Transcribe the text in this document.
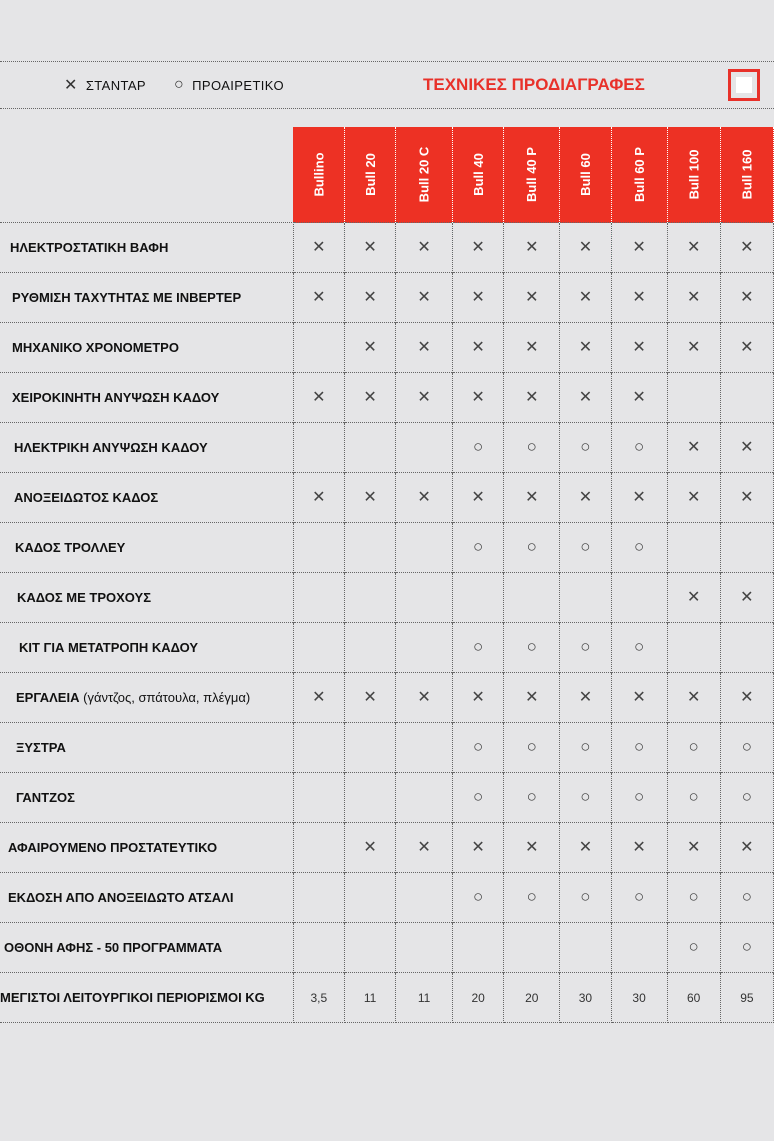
✕ ΣΤΑΝΤΑΡ ○ ΠΡΟΑΙΡΕΤΙΚΟ	ΤΕΧΝΙΚΕΣ ΠΡΟΔΙΑΓΡΑΦΕΣ
	Bullino	Bull 20	Bull 20 C	Bull 40	Bull 40 P	Bull 60	Bull 60 P	Bull 100	Bull 160
ΗΛΕΚΤΡΟΣΤΑΤΙΚΗ ΒΑΦΗ	✕	✕	✕	✕	✕	✕	✕	✕	✕
ΡΥΘΜΙΣΗ ΤΑΧΥΤΗΤΑΣ ΜΕ ΙΝΒΕΡΤΕΡ	✕	✕	✕	✕	✕	✕	✕	✕	✕
ΜΗΧΑΝΙΚΟ ΧΡΟΝΟΜΕΤΡΟ		✕	✕	✕	✕	✕	✕	✕	✕
ΧΕΙΡΟΚΙΝΗΤΗ ΑΝΥΨΩΣΗ ΚΑΔΟΥ	✕	✕	✕	✕	✕	✕	✕		
ΗΛΕΚΤΡΙΚΗ ΑΝΥΨΩΣΗ ΚΑΔΟΥ				○	○	○	○	✕	✕
ΑΝΟΞΕΙΔΩΤΟΣ ΚΑΔΟΣ	✕	✕	✕	✕	✕	✕	✕	✕	✕
ΚΑΔΟΣ ΤΡΟΛΛΕΥ				○	○	○	○		
ΚΑΔΟΣ ΜΕ ΤΡΟΧΟΥΣ								✕	✕
ΚΙΤ ΓΙΑ ΜΕΤΑΤΡΟΠΗ ΚΑΔΟΥ				○	○	○	○		
ΕΡΓΑΛΕΙΑ (γάντζος, σπάτουλα, πλέγμα)	✕	✕	✕	✕	✕	✕	✕	✕	✕
ΞΥΣΤΡΑ				○	○	○	○	○	○
ΓΑΝΤΖΟΣ				○	○	○	○	○	○
ΑΦΑΙΡΟΥΜΕΝΟ ΠΡΟΣΤΑΤΕΥΤΙΚΟ		✕	✕	✕	✕	✕	✕	✕	✕
ΕΚΔΟΣΗ ΑΠΟ ΑΝΟΞΕΙΔΩΤΟ ΑΤΣΑΛΙ				○	○	○	○	○	○
ΟΘΟΝΗ ΑΦΗΣ - 50 ΠΡΟΓΡΑΜΜΑΤΑ								○	○
ΜΕΓΙΣΤΟΙ ΛΕΙΤΟΥΡΓΙΚΟΙ ΠΕΡΙΟΡΙΣΜΟΙ KG	3,5	11	11	20	20	30	30	60	95
